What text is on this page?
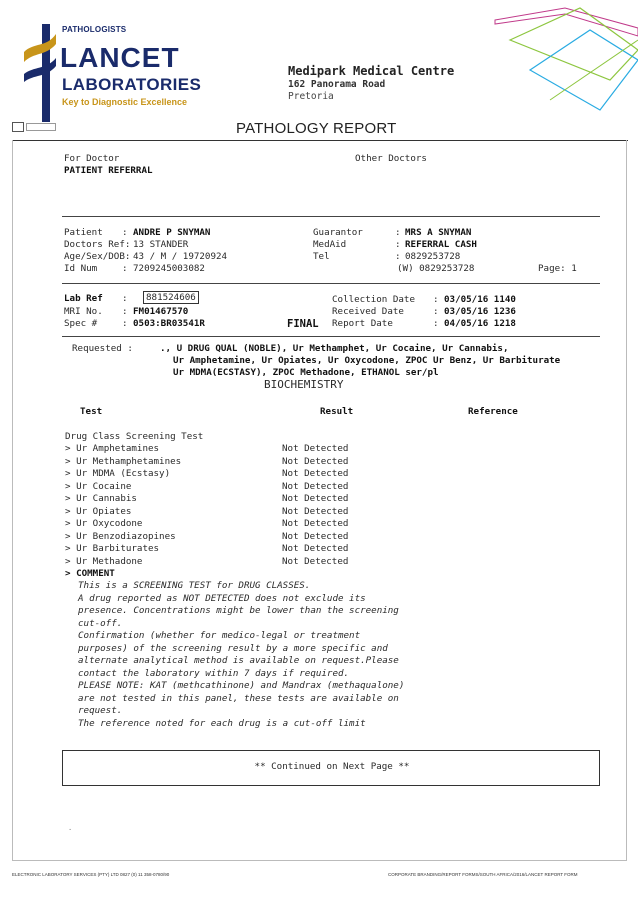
PATHOLOGISTS
LANCET
LABORATORIES
Key to Diagnostic Excellence
Medipark Medical Centre
162 Panorama Road
Pretoria
PATHOLOGY REPORT
For Doctor
PATIENT REFERRAL
Other Doctors
Patient : ANDRE P SNYMAN
Doctors Ref: 13 STANDER
Age/Sex/DOB: 43 / M / 19720924
Id Num	: 7209245003082
Guarantor	: MRS A SNYMAN
MedAid	: REFERRAL CASH
Tel	: 0829253728
(W) 0829253728	Page: 1
Lab Ref :	881524606
MRI No. : FM01467570
Spec #	: 0503:BR03541R	FINAL
Collection Date : 03/05/16 1140
Received Date	: 03/05/16 1236
Report Date	: 04/05/16 1218
Requested :	., U DRUG QUAL (NOBLE), Ur Methamphet, Ur Cocaine, Ur Cannabis,
Ur Amphetamine, Ur Opiates, Ur Oxycodone, ZPOC Ur Benz, Ur Barbiturate
Ur MDMA(ECSTASY), ZPOC Methadone, ETHANOL ser/pl
BIOCHEMISTRY
Test	Result	Reference
Drug Class Screening Test
> Ur Amphetamines	Not Detected
> Ur Methamphetamines	Not Detected
> Ur MDMA (Ecstasy)	Not Detected
> Ur Cocaine	Not Detected
> Ur Cannabis	Not Detected
> Ur Opiates	Not Detected
> Ur Oxycodone	Not Detected
> Ur Benzodiazopines	Not Detected
> Ur Barbiturates	Not Detected
> Ur Methadone	Not Detected
> COMMENT
This is a SCREENING TEST for DRUG CLASSES.
A drug reported as NOT DETECTED does not exclude its
presence. Concentrations might be lower than the screening
cut-off.
Confirmation (whether for medico-legal or treatment
purposes) of the screening result by a more specific and
alternate analytical method is available on request.Please
contact the laboratory within 7 days if required.
PLEASE NOTE: KAT (methcathinone) and Mandrax (methaqualone)
are not tested in this panel, these tests are available on
request.
The reference noted for each drug is a cut-off limit
** Continued on Next Page **
·
ELECTRONIC LABORATORY SERVICES (PTY) LTD 0827 (0) 11 358-0780/90	CORPORATE BRANDING/REPORT FORMS/SOUTH AFRICA/2016/LANCET REPORT FORM
